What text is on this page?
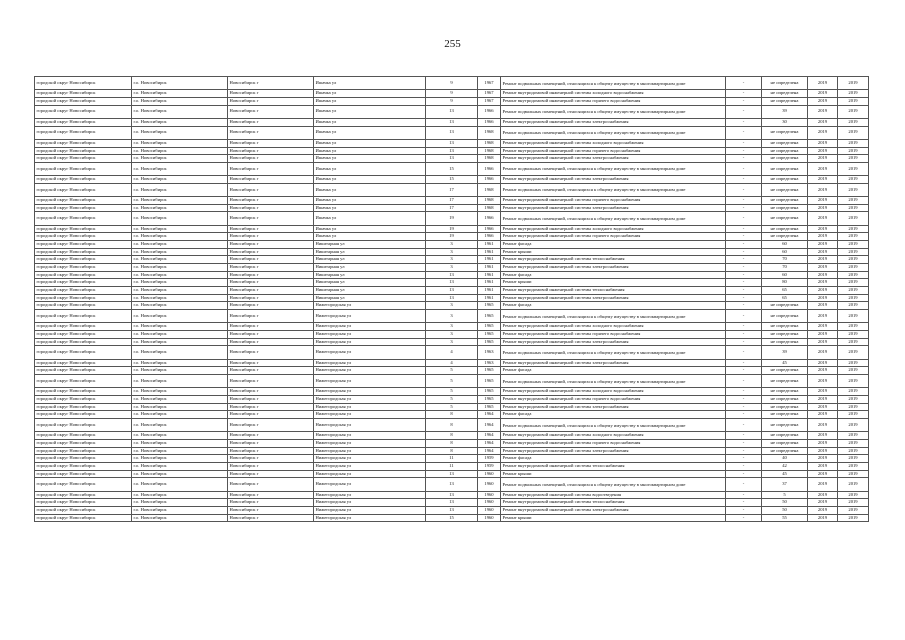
255
городской округ Новосибирск	г.о. Новосибирск	Новосибирск г	Ишачка ул	9	1967	Ремонт подвальных помещений, относящихся к общему имуществу в многоквартирном доме	-	не определена	2019	2019
городской округ Новосибирск	г.о. Новосибирск	Новосибирск г	Ишачка ул	9	1967	Ремонт внутридомовой инженерной системы холодного водоснабжения	-	не определена	2019	2019
городской округ Новосибирск	г.о. Новосибирск	Новосибирск г	Ишачка ул	9	1967	Ремонт внутридомовой инженерной системы горячего водоснабжения	-	не определена	2019	2019
городской округ Новосибирск	г.о. Новосибирск	Новосибирск г	Ишачка ул	13	1966	Ремонт подвальных помещений, относящихся к общему имуществу в многоквартирном доме	-	39	2019	2019
городской округ Новосибирск	г.о. Новосибирск	Новосибирск г	Ишачка ул	13	1966	Ремонт внутридомовой инженерной системы электроснабжения	-	30	2019	2019
городской округ Новосибирск	г.о. Новосибирск	Новосибирск г	Ишачка ул	13	1968	Ремонт подвальных помещений, относящихся к общему имуществу в многоквартирном доме	-	не определена	2019	2019
городской округ Новосибирск	г.о. Новосибирск	Новосибирск г	Ишачка ул	13	1968	Ремонт внутридомовой инженерной системы холодного водоснабжения	-	не определена	2019	2019
городской округ Новосибирск	г.о. Новосибирск	Новосибирск г	Ишачка ул	13	1968	Ремонт внутридомовой инженерной системы горячего водоснабжения	-	не определена	2019	2019
городской округ Новосибирск	г.о. Новосибирск	Новосибирск г	Ишачка ул	13	1968	Ремонт внутридомовой инженерной системы электроснабжения	-	не определена	2019	2019
городской округ Новосибирск	г.о. Новосибирск	Новосибирск г	Ишачка ул	15	1966	Ремонт подвальных помещений, относящихся к общему имуществу в многоквартирном доме	-	не определена	2019	2019
городской округ Новосибирск	г.о. Новосибирск	Новосибирск г	Ишачка ул	15	1966	Ремонт внутридомовой инженерной системы электроснабжения	-	не определена	2019	2019
городской округ Новосибирск	г.о. Новосибирск	Новосибирск г	Ишачка ул	17	1968	Ремонт подвальных помещений, относящихся к общему имуществу в многоквартирном доме	-	не определена	2019	2019
городской округ Новосибирск	г.о. Новосибирск	Новосибирск г	Ишачка ул	17	1968	Ремонт внутридомовой инженерной системы горячего водоснабжения	-	не определена	2019	2019
городской округ Новосибирск	г.о. Новосибирск	Новосибирск г	Ишачка ул	17	1968	Ремонт внутридомовой инженерной системы электроснабжения	-	не определена	2019	2019
городской округ Новосибирск	г.о. Новосибирск	Новосибирск г	Ишачка ул	19	1966	Ремонт подвальных помещений, относящихся к общему имуществу в многоквартирном доме	-	не определена	2019	2019
городской округ Новосибирск	г.о. Новосибирск	Новосибирск г	Ишачка ул	19	1966	Ремонт внутридомовой инженерной системы холодного водоснабжения	-	не определена	2019	2019
городской округ Новосибирск	г.о. Новосибирск	Новосибирск г	Ишачка ул	19	1966	Ремонт внутридомовой инженерной системы горячего водоснабжения	-	не определена	2019	2019
городской округ Новосибирск	г.о. Новосибирск	Новосибирск г	Никитарная ул	3	1961	Ремонт фасада	-	60	2019	2019
городской округ Новосибирск	г.о. Новосибирск	Новосибирск г	Никитарная ул	3	1961	Ремонт крыши	-	60	2019	2019
городской округ Новосибирск	г.о. Новосибирск	Новосибирск г	Никитарная ул	3	1961	Ремонт внутридомовой инженерной системы теплоснабжения	-	70	2019	2019
городской округ Новосибирск	г.о. Новосибирск	Новосибирск г	Никитарная ул	3	1961	Ремонт внутридомовой инженерной системы электроснабжения	-	70	2019	2019
городской округ Новосибирск	г.о. Новосибирск	Новосибирск г	Никитарная ул	13	1961	Ремонт фасада	-	60	2019	2019
городской округ Новосибирск	г.о. Новосибирск	Новосибирск г	Никитарная ул	13	1961	Ремонт крыши	-	80	2019	2019
городской округ Новосибирск	г.о. Новосибирск	Новосибирск г	Никитарная ул	13	1961	Ремонт внутридомовой инженерной системы теплоснабжения	-	65	2019	2019
городской округ Новосибирск	г.о. Новосибирск	Новосибирск г	Никитарная ул	13	1961	Ремонт внутридомовой инженерной системы электроснабжения	-	65	2019	2019
городской округ Новосибирск	г.о. Новосибирск	Новосибирск г	Нижегородская ул	3	1965	Ремонт фасада	-	не определена	2019	2019
городской округ Новосибирск	г.о. Новосибирск	Новосибирск г	Нижегородская ул	3	1965	Ремонт подвальных помещений, относящихся к общему имуществу в многоквартирном доме	-	не определена	2019	2019
городской округ Новосибирск	г.о. Новосибирск	Новосибирск г	Нижегородская ул	3	1965	Ремонт внутридомовой инженерной системы холодного водоснабжения	-	не определена	2019	2019
городской округ Новосибирск	г.о. Новосибирск	Новосибирск г	Нижегородская ул	3	1965	Ремонт внутридомовой инженерной системы горячего водоснабжения	-	не определена	2019	2019
городской округ Новосибирск	г.о. Новосибирск	Новосибирск г	Нижегородская ул	3	1965	Ремонт внутридомовой инженерной системы электроснабжения	-	не определена	2019	2019
городской округ Новосибирск	г.о. Новосибирск	Новосибирск г	Нижегородская ул	4	1963	Ремонт подвальных помещений, относящихся к общему имуществу в многоквартирном доме	-	39	2019	2019
городской округ Новосибирск	г.о. Новосибирск	Новосибирск г	Нижегородская ул	4	1963	Ремонт внутридомовой инженерной системы электроснабжения	-	45	2019	2019
городской округ Новосибирск	г.о. Новосибирск	Новосибирск г	Нижегородская ул	5	1965	Ремонт фасада	-	не определена	2019	2019
городской округ Новосибирск	г.о. Новосибирск	Новосибирск г	Нижегородская ул	5	1965	Ремонт подвальных помещений, относящихся к общему имуществу в многоквартирном доме	-	не определена	2019	2019
городской округ Новосибирск	г.о. Новосибирск	Новосибирск г	Нижегородская ул	5	1965	Ремонт внутридомовой инженерной системы холодного водоснабжения	-	не определена	2019	2019
городской округ Новосибирск	г.о. Новосибирск	Новосибирск г	Нижегородская ул	5	1965	Ремонт внутридомовой инженерной системы горячего водоснабжения	-	не определена	2019	2019
городской округ Новосибирск	г.о. Новосибирск	Новосибирск г	Нижегородская ул	5	1965	Ремонт внутридомовой инженерной системы электроснабжения	-	не определена	2019	2019
городской округ Новосибирск	г.о. Новосибирск	Новосибирск г	Нижегородская ул	8	1964	Ремонт фасада	-	не определена	2019	2019
городской округ Новосибирск	г.о. Новосибирск	Новосибирск г	Нижегородская ул	8	1964	Ремонт подвальных помещений, относящихся к общему имуществу в многоквартирном доме	-	не определена	2019	2019
городской округ Новосибирск	г.о. Новосибирск	Новосибирск г	Нижегородская ул	8	1964	Ремонт внутридомовой инженерной системы холодного водоснабжения	-	не определена	2019	2019
городской округ Новосибирск	г.о. Новосибирск	Новосибирск г	Нижегородская ул	8	1964	Ремонт внутридомовой инженерной системы горячего водоснабжения	-	не определена	2019	2019
городской округ Новосибирск	г.о. Новосибирск	Новосибирск г	Нижегородская ул	8	1964	Ремонт внутридомовой инженерной системы электроснабжения	-	не определена	2019	2019
городской округ Новосибирск	г.о. Новосибирск	Новосибирск г	Нижегородская ул	11	1959	Ремонт фасада	-	40	2019	2019
городской округ Новосибирск	г.о. Новосибирск	Новосибирск г	Нижегородская ул	11	1959	Ремонт внутридомовой инженерной системы теплоснабжения	-	42	2019	2019
городской округ Новосибирск	г.о. Новосибирск	Новосибирск г	Нижегородская ул	13	1960	Ремонт крыши	-	45	2019	2019
городской округ Новосибирск	г.о. Новосибирск	Новосибирск г	Нижегородская ул	13	1960	Ремонт подвальных помещений, относящихся к общему имуществу в многоквартирном доме	-	37	2019	2019
городской округ Новосибирск	г.о. Новосибирск	Новосибирск г	Нижегородская ул	13	1960	Ремонт внутридомовой инженерной системы водоотведения	-	5	2019	2019
городской округ Новосибирск	г.о. Новосибирск	Новосибирск г	Нижегородская ул	13	1960	Ремонт внутридомовой инженерной системы теплоснабжения	-	50	2019	2019
городской округ Новосибирск	г.о. Новосибирск	Новосибирск г	Нижегородская ул	13	1960	Ремонт внутридомовой инженерной системы электроснабжения	-	50	2019	2019
городской округ Новосибирск	г.о. Новосибирск	Новосибирск г	Нижегородская ул	15	1960	Ремонт крыши	-	55	2019	2019
